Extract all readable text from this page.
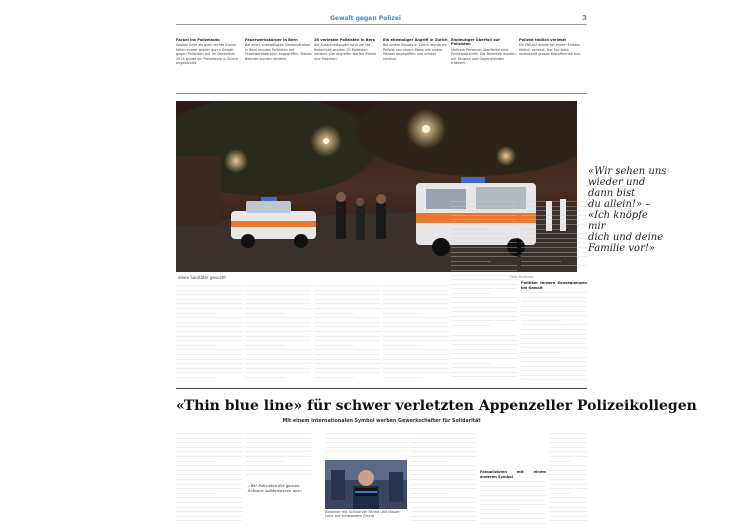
Gewalt gegen Polizei	3
Fackel ins Polizeiauto
Sowohl linke als auch rechte Kreise fallen immer wieder durch Gewalt gegen Polizisten auf. Im Dezember 2014 wurde ein Polizeiauto in Zürich angezündet.
Feuerwerkskörper in Bern
Bei einer unbewilligten Demonstration in Bern wurden Polizisten mit Feuerwerkskörpern angegriffen. Sieben Beamte wurden verletzt.
20 verletzte Polizisten in Bern
Bei Ausschreitungen rund um die Reitschule wurden 20 Polizisten verletzt. Die Angreifer warfen Steine und Flaschen.
Ein ehemaliger Angriff in Zürich
Bei einem Einsatz in Zürich wurde ein Polizist von einem Mann mit einem Messer angegriffen und schwer verletzt.
Eindeutiger Überfall auf Polizisten
Mehrere Personen überfielen eine Polizeipatrouille. Die Beamten wurden mit Fäusten und Gegenständen traktiert.
Polizist tödlich verletzt
Ein Polizist wurde bei einem Einsatz tödlich verletzt. Der Fall löste landesweit grosse Betroffenheit aus.
einen Sanitäter gesucht	Foto: Keystone
«Wir sehen uns
wieder und
dann bist
du allein!» –
«Ich knöpfe mir
dich und deine
Familie vor!»
Politiker fordern Konsequenzen bei Gewalt
«Thin blue line» für schwer verletzten Appenzeller Polizeikollegen
Mit einem internationalen Symbol werben Gewerkschafter für Solidarität
«Wir Polizisten der ganzen Schweiz solidarisieren uns»
Fanpolizisten mit einem anderen Symbol
Beamter mit Schwarzer Fahne und blauer Linie auf schwarzem Grund
